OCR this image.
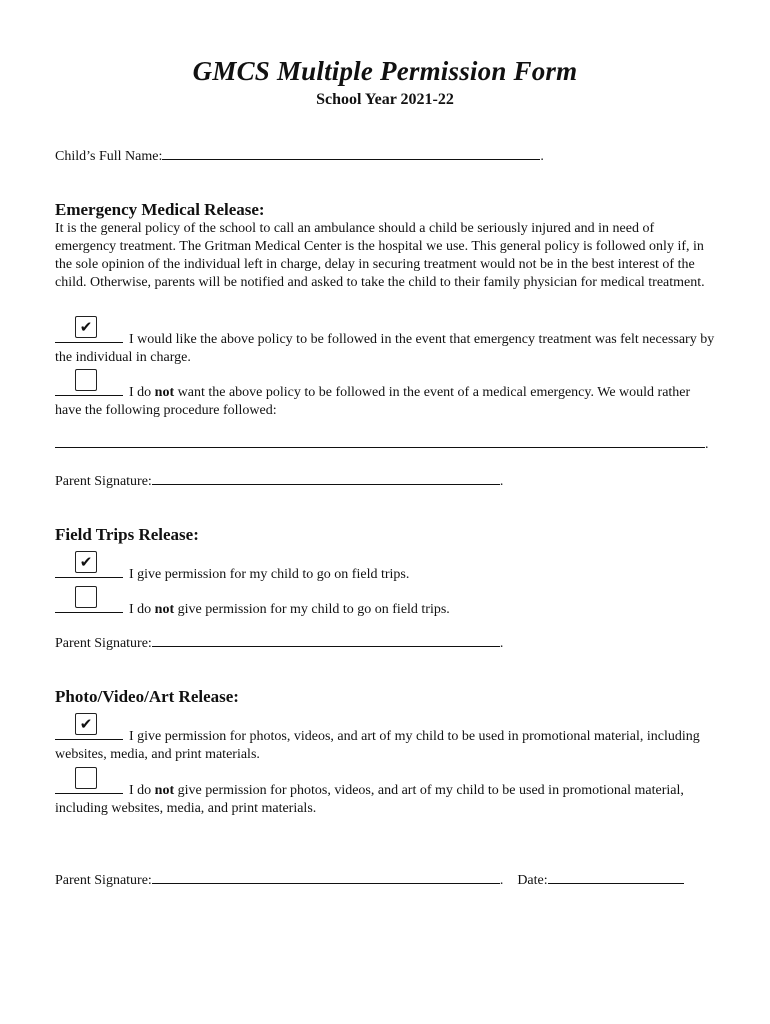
GMCS Multiple Permission Form
School Year 2021-22
Child’s Full Name:	.
Emergency Medical Release:
It is the general policy of the school to call an ambulance should a child be seriously injured and in need of emergency treatment. The Gritman Medical Center is the hospital we use. This general policy is followed only if, in the sole opinion of the individual left in charge, delay in securing treatment would not be in the best interest of the child. Otherwise, parents will be notified and asked to take the child to their family physician for medical treatment.
✔
I would like the above policy to be followed in the event that emergency treatment was felt necessary by the individual in charge.
I do not want the above policy to be followed in the event of a medical emergency. We would rather have the following procedure followed:
.
Parent Signature:	.
Field Trips Release:
✔
I give permission for my child to go on field trips.
I do not give permission for my child to go on field trips.
Parent Signature:	.
Photo/Video/Art Release:
✔
I give permission for photos, videos, and art of my child to be used in promotional material, including websites, media, and print materials.
I do not give permission for photos, videos, and art of my child to be used in promotional material, including websites, media, and print materials.
Parent Signature:	. Date:
